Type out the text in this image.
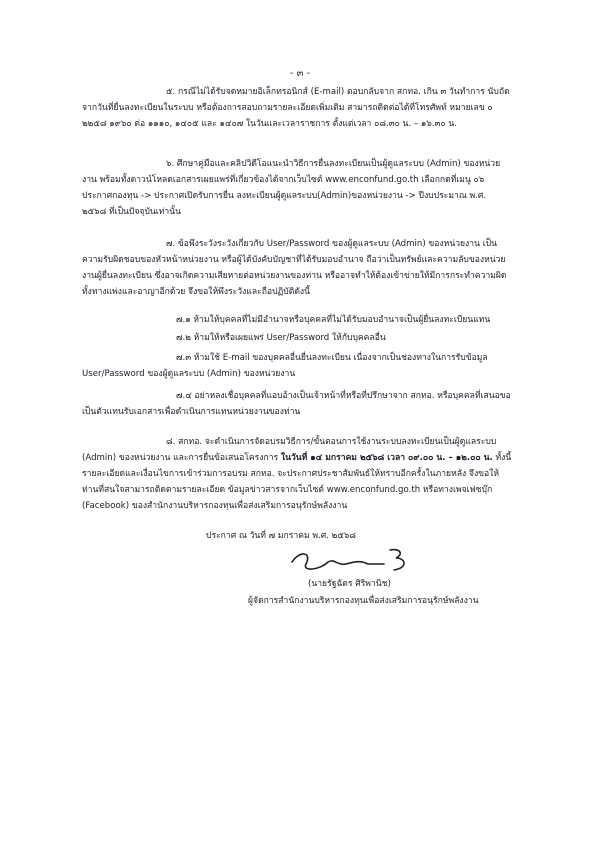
- ๓ -
๕. กรณีไม่ได้รับจดหมายอิเล็กทรอนิกส์ (E-mail) ตอบกลับจาก สกทอ. เกิน ๓ วันทำการ นับถัดจากวันที่ยื่นลงทะเบียนในระบบ หรือต้องการสอบถามรายละเอียดเพิ่มเติม สามารถติดต่อได้ที่โทรศัพท์ หมายเลข ๐ ๒๒๕๘ ๑๙๖๐ ต่อ ๑๑๑๐, ๑๔๐๕ และ ๑๔๐๗ ในวันและเวลาราชการ ตั้งแต่เวลา ๐๘.๓๐ น. – ๑๖.๓๐ น.
๖. ศึกษาคู่มือและคลิปวิดีโอแนะนำวิธีการยื่นลงทะเบียนเป็นผู้ดูแลระบบ (Admin) ของหน่วยงาน พร้อมทั้งดาวน์โหลดเอกสารเผยแพร่ที่เกี่ยวข้องได้จากเว็บไซต์ www.enconfund.go.th เลือกกดที่เมนู ๐๖ ประกาศกองทุน -> ประกาศเปิดรับการยื่น ลงทะเบียนผู้ดูแลระบบ(Admin)ของหน่วยงาน -> ปีงบประมาณ พ.ศ. ๒๕๖๘ ที่เป็นปัจจุบันเท่านั้น
๗. ข้อพึงระวังระวังเกี่ยวกับ User/Password ของผู้ดูแลระบบ (Admin) ของหน่วยงาน เป็นความรับผิดชอบของหัวหน้าหน่วยงาน หรือผู้ได้บังคับบัญชาที่ได้รับมอบอำนาจ ถือว่าเป็นทรัพย์และความลับของหน่วยงานผู้ยื่นลงทะเบียน ซึ่งอาจเกิดความเสียหายต่อหน่วยงานของท่าน หรืออาจทำให้ต้องเข้าข่ายให้มีการกระทำความผิดทั้งทางแพ่งและอาญาอีกด้วย จึงขอให้พึงระวังและถือปฏิบัติดังนี้
๗.๑ ห้ามให้บุคคลที่ไม่มีอำนาจหรือบุคคลที่ไม่ได้รับมอบอำนาจเป็นผู้ยื่นลงทะเบียนแทน
๗.๒ ห้ามให้หรือเผยแพร่ User/Password ให้กับบุคคลอื่น
๗.๓ ห้ามใช้ E-mail ของบุคคลอื่นยื่นลงทะเบียน เนื่องจากเป็นช่องทางในการรับข้อมูล User/Password ของผู้ดูแลระบบ (Admin) ของหน่วยงาน
๗.๔ อย่าหลงเชื่อบุคคลที่แอบอ้างเป็นเจ้าหน้าที่หรือที่ปรึกษาจาก สกทอ. หรือบุคคลที่เสนอขอเป็นตัวแทนรับเอกสารเพื่อดำเนินการแทนหน่วยงานของท่าน
๘. สกทอ. จะดำเนินการจัดอบรมวิธีการ/ขั้นตอนการใช้งานระบบลงทะเบียนเป็นผู้ดูแลระบบ (Admin) ของหน่วยงาน และการยื่นข้อเสนอโครงการ ในวันที่ ๑๔ มกราคม ๒๕๖๘ เวลา ๐๙.๐๐ น. – ๑๒.๐๐ น. ทั้งนี้รายละเอียดและเงื่อนไขการเข้าร่วมการอบรม สกทอ. จะประกาศประชาสัมพันธ์ให้ทราบอีกครั้งในภายหลัง จึงขอให้ท่านที่สนใจสามารถติดตามรายละเอียด ข้อมูลข่าวสารจากเว็บไซต์ www.enconfund.go.th หรือทางเพจเฟซบุ๊ก (Facebook) ของสำนักงานบริหารกองทุนเพื่อส่งเสริมการอนุรักษ์พลังงาน
ประกาศ ณ วันที่ ๗ มกราคม พ.ศ. ๒๕๖๘
(นายรัฐฉัตร ศิริพานิช)
ผู้จัดการสำนักงานบริหารกองทุนเพื่อส่งเสริมการอนุรักษ์พลังงาน
